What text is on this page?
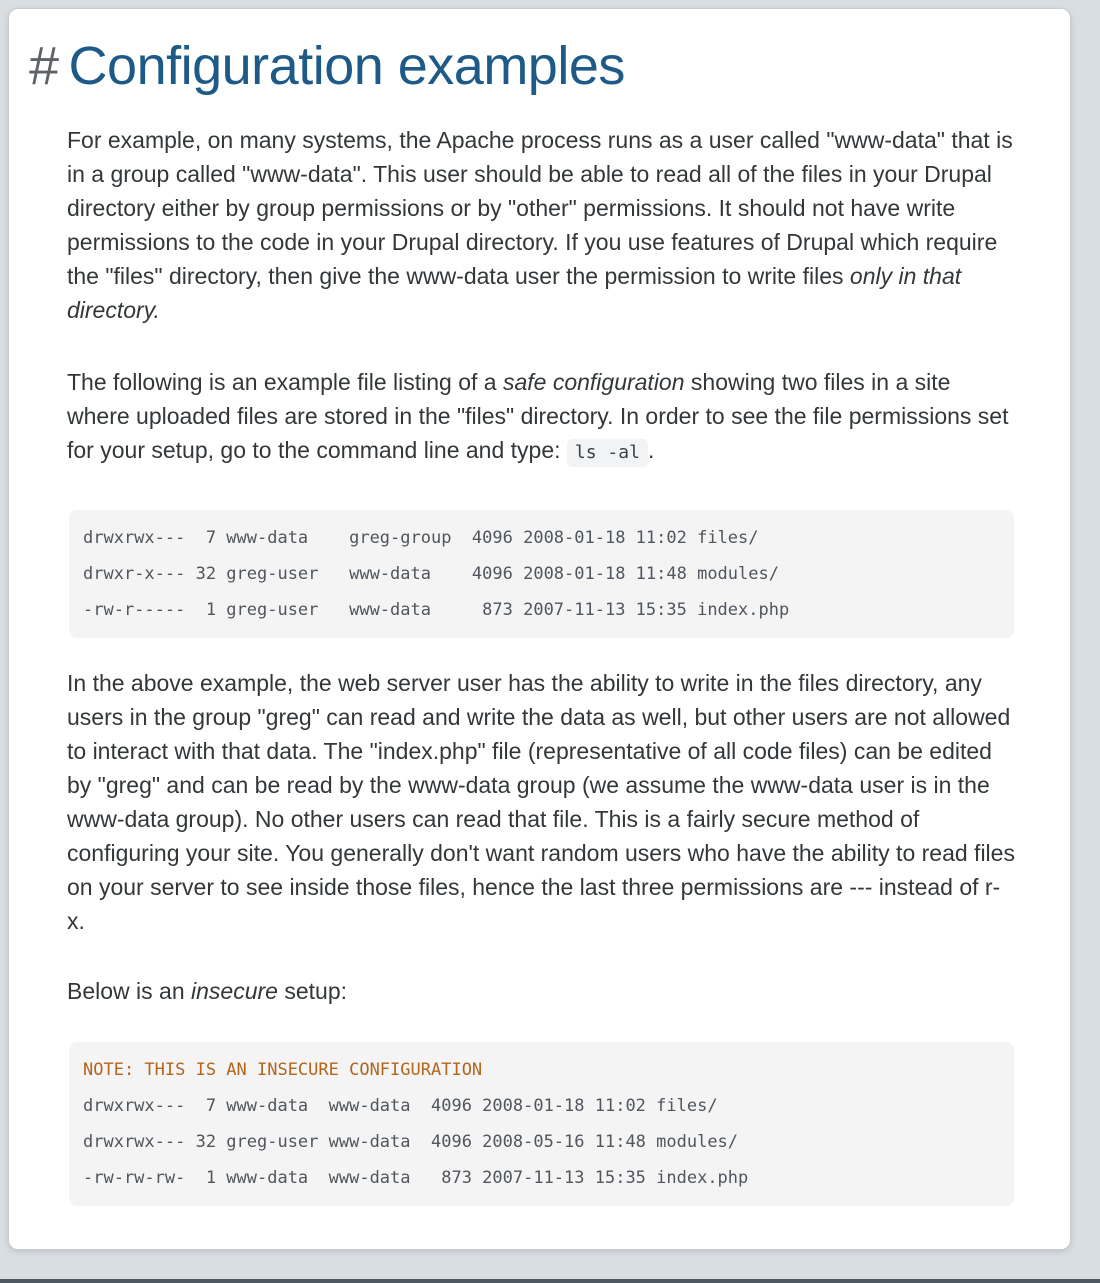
# Configuration examples

For example, on many systems, the Apache process runs as a user called "www-data" that is in a group called "www-data". This user should be able to read all of the files in your Drupal directory either by group permissions or by "other" permissions. It should not have write permissions to the code in your Drupal directory. If you use features of Drupal which require the "files" directory, then give the www-data user the permission to write files only in that directory.

The following is an example file listing of a safe configuration showing two files in a site where uploaded files are stored in the "files" directory. In order to see the file permissions set for your setup, go to the command line and type: ls -al .

drwxrwx---  7 www-data    greg-group  4096 2008-01-18 11:02 files/
drwxr-x--- 32 greg-user   www-data    4096 2008-01-18 11:48 modules/
-rw-r-----  1 greg-user   www-data     873 2007-11-13 15:35 index.php

In the above example, the web server user has the ability to write in the files directory, any users in the group "greg" can read and write the data as well, but other users are not allowed to interact with that data. The "index.php" file (representative of all code files) can be edited by "greg" and can be read by the www-data group (we assume the www-data user is in the www-data group). No other users can read that file. This is a fairly secure method of configuring your site. You generally don't want random users who have the ability to read files on your server to see inside those files, hence the last three permissions are --- instead of r-x.

Below is an insecure setup:

NOTE: THIS IS AN INSECURE CONFIGURATION
drwxrwx---  7 www-data  www-data  4096 2008-01-18 11:02 files/
drwxrwx--- 32 greg-user www-data  4096 2008-05-16 11:48 modules/
-rw-rw-rw-  1 www-data  www-data   873 2007-11-13 15:35 index.php
